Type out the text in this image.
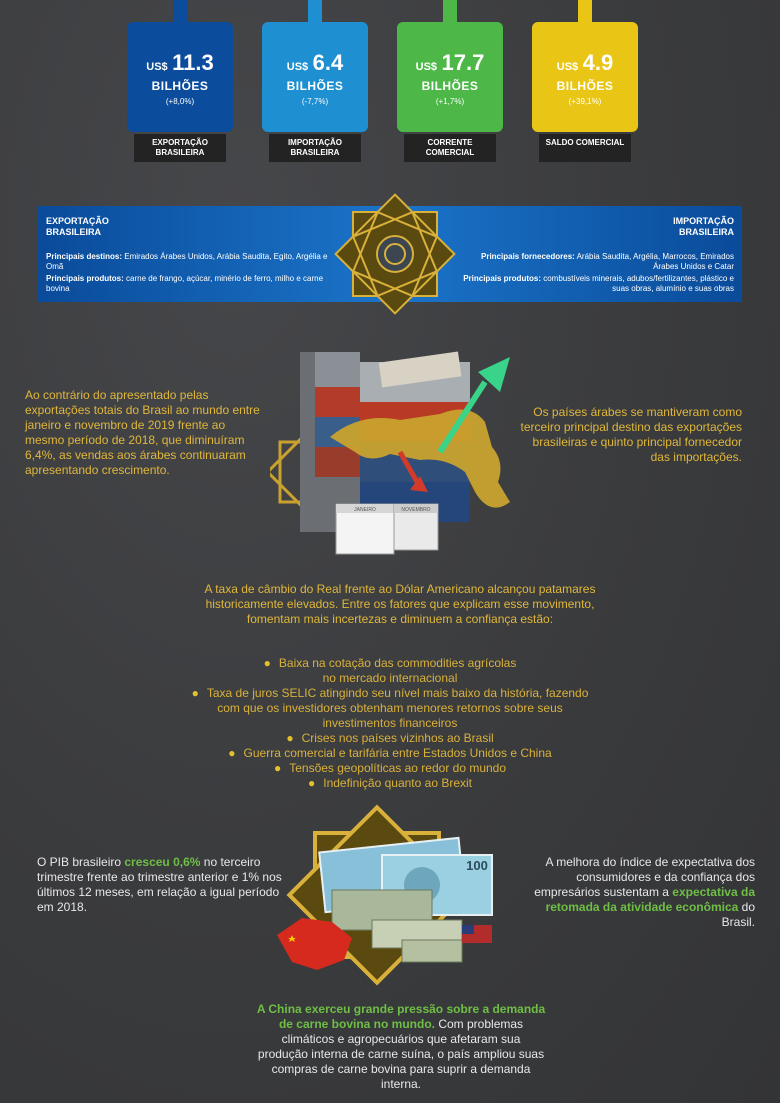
US$ 11.3
BILHÕES
(+8,0%)
EXPORTAÇÃO BRASILEIRA
US$ 6.4
BILHÕES
(-7,7%)
IMPORTAÇÃO BRASILEIRA
US$ 17.7
BILHÕES
(+1,7%)
CORRENTE COMERCIAL
US$ 4.9
BILHÕES
(+39,1%)
SALDO COMERCIAL
EXPORTAÇÃO BRASILEIRA
Principais destinos: Emirados Árabes Unidos, Arábia Saudita, Egito, Argélia e Omã
Principais produtos: carne de frango, açúcar, minério de ferro, milho e carne bovina
IMPORTAÇÃO BRASILEIRA
Principais fornecedores: Arábia Saudita, Argélia, Marrocos, Emirados Árabes Unidos e Catar
Principais produtos: combustíveis minerais, adubos/fertilizantes, plástico e suas obras, alumínio e suas obras
Ao contrário do apresentado pelas exportações totais do Brasil ao mundo entre janeiro e novembro de 2019 frente ao mesmo período de 2018, que diminuíram 6,4%, as vendas aos árabes continuaram apresentando crescimento.
Os países árabes se mantiveram como terceiro principal destino das exportações brasileiras e quinto principal fornecedor das importações.
JANEIRO	NOVEMBRO
A taxa de câmbio do Real frente ao Dólar Americano alcançou patamares historicamente elevados. Entre os fatores que explicam esse movimento, fomentam mais incertezas e diminuem a confiança estão:
● Baixa na cotação das commodities agrícolas no mercado internacional
● Taxa de juros SELIC atingindo seu nível mais baixo da história, fazendo com que os investidores obtenham menores retornos sobre seus investimentos financeiros
● Crises nos países vizinhos ao Brasil
● Guerra comercial e tarifária entre Estados Unidos e China
● Tensões geopolíticas ao redor do mundo
● Indefinição quanto ao Brexit
O PIB brasileiro cresceu 0,6% no terceiro trimestre frente ao trimestre anterior e 1% nos últimos 12 meses, em relação a igual período em 2018.
A melhora do índice de expectativa dos consumidores e da confiança dos empresários sustentam a expectativa da retomada da atividade econômica do Brasil.
100
A China exerceu grande pressão sobre a demanda de carne bovina no mundo. Com problemas climáticos e agropecuários que afetaram sua produção interna de carne suína, o país ampliou suas compras de carne bovina para suprir a demanda interna.
